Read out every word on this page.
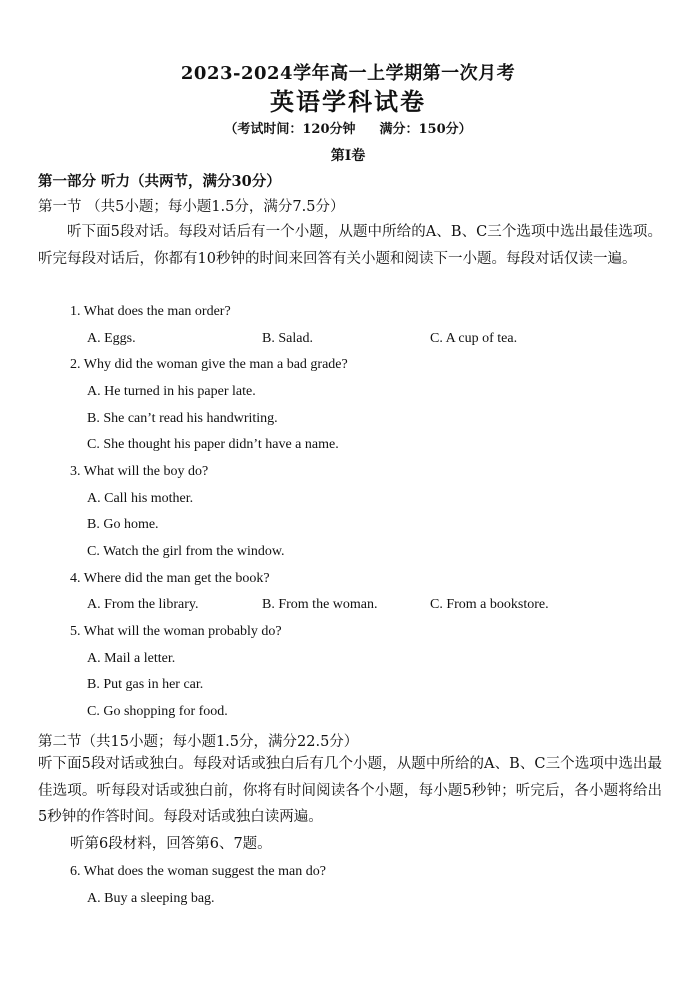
2023-2024学年高一上学期第一次月考
英语学科试卷
（考试时间：120分钟 满分：150分）
第Ⅰ卷
第一部分 听力（共两节，满分30分）
第一节 （共5小题；每小题1.5分，满分7.5分）
听下面5段对话。每段对话后有一个小题，从题中所给的A、B、C三个选项中选出最佳选项。听完每段对话后，你都有10秒钟的时间来回答有关小题和阅读下一小题。每段对话仅读一遍。
1. What does the man order?
A. Eggs.	B. Salad.	C. A cup of tea.
2. Why did the woman give the man a bad grade?
A. He turned in his paper late.
B. She can’t read his handwriting.
C. She thought his paper didn’t have a name.
3. What will the boy do?
A. Call his mother.
B. Go home.
C. Watch the girl from the window.
4. Where did the man get the book?
A. From the library.	B. From the woman.	C. From a bookstore.
5. What will the woman probably do?
A. Mail a letter.
B. Put gas in her car.
C. Go shopping for food.
第二节（共15小题；每小题1.5分，满分22.5分）
听下面5段对话或独白。每段对话或独白后有几个小题，从题中所给的A、B、C三个选项中选出最佳选项。听每段对话或独白前，你将有时间阅读各个小题，每小题5秒钟；听完后，各小题将给出5秒钟的作答时间。每段对话或独白读两遍。
听第6段材料，回答第6、7题。
6. What does the woman suggest the man do?
A. Buy a sleeping bag.
